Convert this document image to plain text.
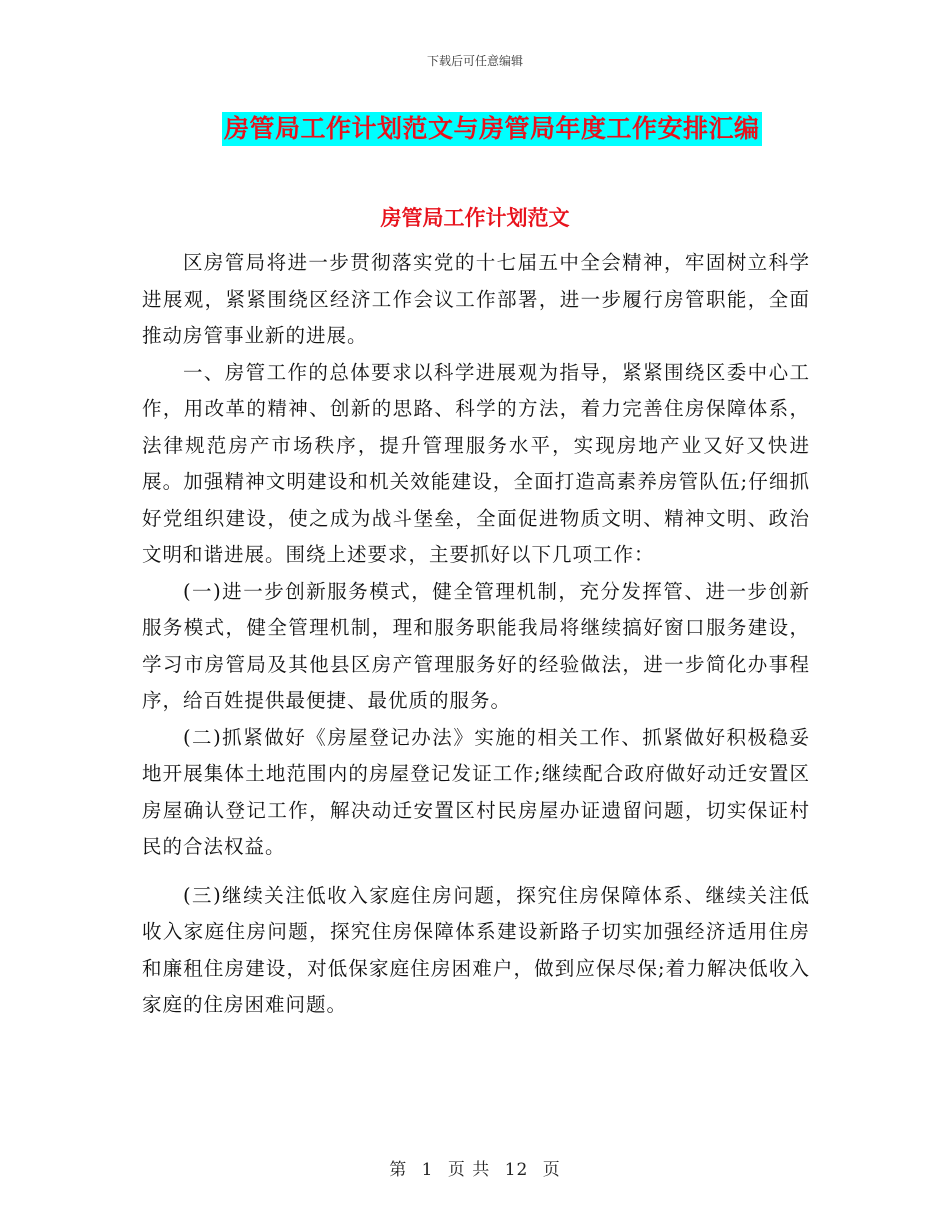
下载后可任意编辑
房管局工作计划范文与房管局年度工作安排汇编
房管局工作计划范文

区房管局将进一步贯彻落实党的十七届五中全会精神，牢固树立科学进展观，紧紧围绕区经济工作会议工作部署，进一步履行房管职能，全面推动房管事业新的进展。

一、房管工作的总体要求以科学进展观为指导，紧紧围绕区委中心工作，用改革的精神、创新的思路、科学的方法，着力完善住房保障体系，法律规范房产市场秩序，提升管理服务水平，实现房地产业又好又快进展。加强精神文明建设和机关效能建设，全面打造高素养房管队伍;仔细抓好党组织建设，使之成为战斗堡垒，全面促进物质文明、精神文明、政治文明和谐进展。围绕上述要求，主要抓好以下几项工作：

(一)进一步创新服务模式，健全管理机制，充分发挥管、进一步创新服务模式，健全管理机制，理和服务职能我局将继续搞好窗口服务建设，学习市房管局及其他县区房产管理服务好的经验做法，进一步简化办事程序，给百姓提供最便捷、最优质的服务。

(二)抓紧做好《房屋登记办法》实施的相关工作、抓紧做好积极稳妥地开展集体土地范围内的房屋登记发证工作;继续配合政府做好动迁安置区房屋确认登记工作，解决动迁安置区村民房屋办证遗留问题，切实保证村民的合法权益。

(三)继续关注低收入家庭住房问题，探究住房保障体系、继续关注低收入家庭住房问题，探究住房保障体系建设新路子切实加强经济适用住房和廉租住房建设，对低保家庭住房困难户，做到应保尽保;着力解决低收入家庭的住房困难问题。

第 1 页 共 12 页
